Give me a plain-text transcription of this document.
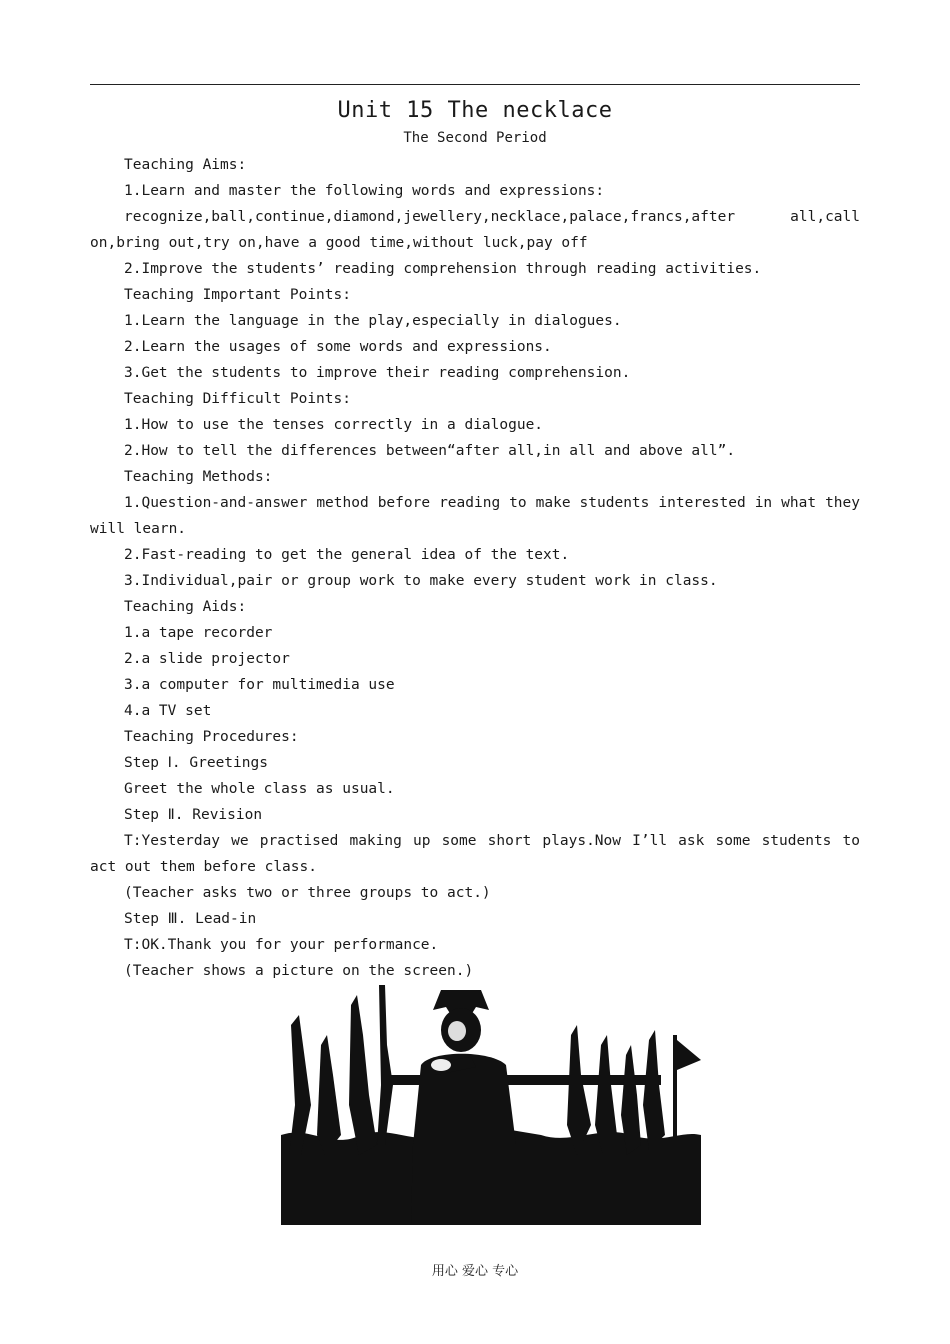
Unit 15 The necklace
The Second Period

Teaching Aims:

1.Learn and master the following words and expressions:

recognize,ball,continue,diamond,jewellery,necklace,palace,francs,after	all,call

on,bring out,try on,have a good time,without luck,pay off

2.Improve the students’ reading comprehension through reading activities.

Teaching Important Points:

1.Learn the language in the play,especially in dialogues.

2.Learn the usages of some words and expressions.

3.Get the students to improve their reading comprehension.

Teaching Difficult Points:

1.How to use the tenses correctly in a dialogue.

2.How to tell the differences between“after all,in all and above all”.

Teaching Methods:

1.Question-and-answer method before reading to make students interested in what they will learn.

2.Fast-reading to get the general idea of the text.

3.Individual,pair or group work to make every student work in class.

Teaching Aids:

1.a tape recorder

2.a slide projector

3.a computer for multimedia use

4.a TV set

Teaching Procedures:

Step Ⅰ. Greetings

Greet the whole class as usual.

Step Ⅱ. Revision

T:Yesterday we practised making up some short plays.Now I’ll ask some students to act out them before class.

(Teacher asks two or three groups to act.)

Step Ⅲ. Lead-in

T:OK.Thank you for your performance.

(Teacher shows a picture on the screen.)

用心 爱心 专心
